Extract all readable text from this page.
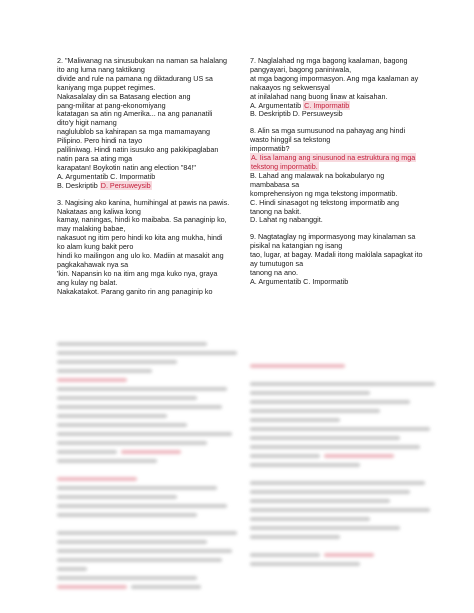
2. "Maliwanag na sinusubukan na naman sa halalang
ito ang luma nang taktikang
divide and rule na pamana ng diktadurang US sa
kaniyang mga puppet regimes.
Nakasalalay din sa Batasang election ang
pang-militar at pang-ekonomiyang
katatagan sa atin ng Amerika... na ang pananatili
dito'y higit namang
naglulublob sa kahirapan sa mga mamamayang
Pilipino. Pero hindi na tayo
paliliniwag. Hindi natin isusuko ang pakikipaglaban
natin para sa ating mga
karapatan! Boykotin natin ang election "84!"
A. Argumentatib C. Impormatib
B. Deskriptib D. Persuweysib
3. Nagising ako kanina, humihingal at pawis na pawis.
Nakataas ang kaliwa kong
kamay, naningas, hindi ko maibaba. Sa panaginip ko,
may malaking babae,
nakasuot ng itim pero hindi ko kita ang mukha, hindi
ko alam kung bakit pero
hindi ko mailingon ang ulo ko. Madiin at masakit ang
pagkakahawak nya sa
'kin. Napansin ko na itim ang mga kuko nya, graya
ang kulay ng balat.
Nakakatakot. Parang ganito rin ang panaginip ko
7. Naglalahad ng mga bagong kaalaman, bagong
pangyayari, bagong paniniwala,
at mga bagong impormasyon. Ang mga kaalaman ay
nakaayos ng sekwensyal
at inilalahad nang buong linaw at kaisahan.
A. Argumentatib C. Impormatib
B. Deskriptib D. Persuweysib
8. Alin sa mga sumusunod na pahayag ang hindi
wasto hinggil sa tekstong
impormatib?
A. Iisa lamang ang sinusunod na estruktura ng mga
tekstong impormatib.
B. Lahad ang malawak na bokabularyo ng
mambabasa sa
komprehensiyon ng mga tekstong impormatib.
C. Hindi sinasagot ng tekstong impormatib ang
tanong na bakit.
D. Lahat ng nabanggit.
9. Nagtataglay ng impormasyong may kinalaman sa
pisikal na katangian ng isang
tao, lugar, at bagay. Madali itong makilala sapagkat ito
ay tumutugon sa
tanong na ano.
A. Argumentatib C. Impormatib
